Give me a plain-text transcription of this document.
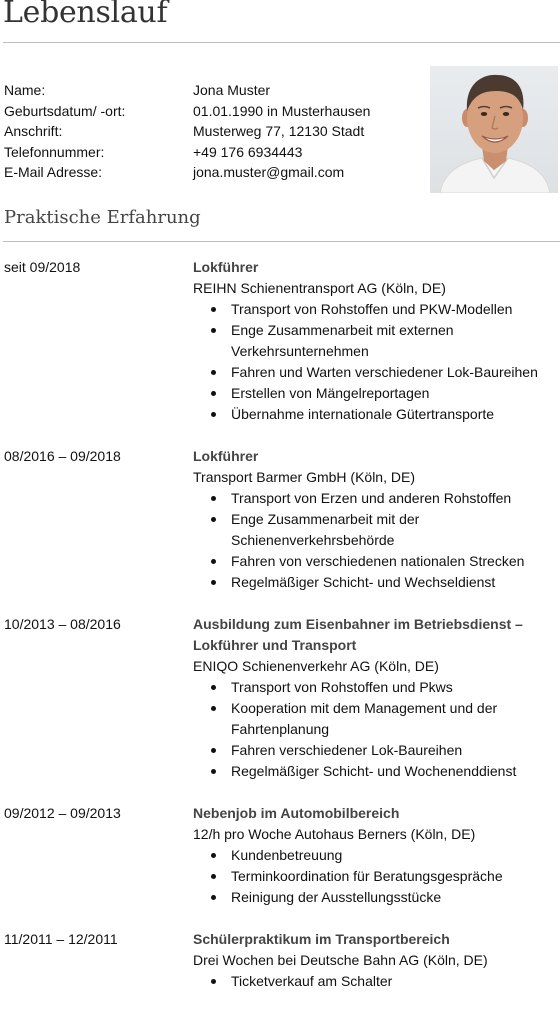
Lebenslauf
Name:	Jona Muster
Geburtsdatum/ -ort:	01.01.1990 in Musterhausen
Anschrift:	Musterweg 77, 12130 Stadt
Telefonnummer:	+49 176 6934443
E-Mail Adresse:	jona.muster@gmail.com
Praktische Erfahrung
seit 09/2018	Lokführer
REIHN Schienentransport AG (Köln, DE)
Transport von Rohstoffen und PKW-Modellen
Enge Zusammenarbeit mit externen Verkehrsunternehmen
Fahren und Warten verschiedener Lok-Baureihen
Erstellen von Mängelreportagen
Übernahme internationale Gütertransporte
08/2016 – 09/2018	Lokführer
Transport Barmer GmbH (Köln, DE)
Transport von Erzen und anderen Rohstoffen
Enge Zusammenarbeit mit der Schienenverkehrsbehörde
Fahren von verschiedenen nationalen Strecken
Regelmäßiger Schicht- und Wechseldienst
10/2013 – 08/2016	Ausbildung zum Eisenbahner im Betriebsdienst – Lokführer und Transport
ENIQO Schienenverkehr AG (Köln, DE)
Transport von Rohstoffen und Pkws
Kooperation mit dem Management und der Fahrtenplanung
Fahren verschiedener Lok-Baureihen
Regelmäßiger Schicht- und Wochenenddienst
09/2012 – 09/2013	Nebenjob im Automobilbereich
12/h pro Woche Autohaus Berners (Köln, DE)
Kundenbetreuung
Terminkoordination für Beratungsgespräche
Reinigung der Ausstellungsstücke
11/2011 – 12/2011	Schülerpraktikum im Transportbereich
Drei Wochen bei Deutsche Bahn AG (Köln, DE)
Ticketverkauf am Schalter
